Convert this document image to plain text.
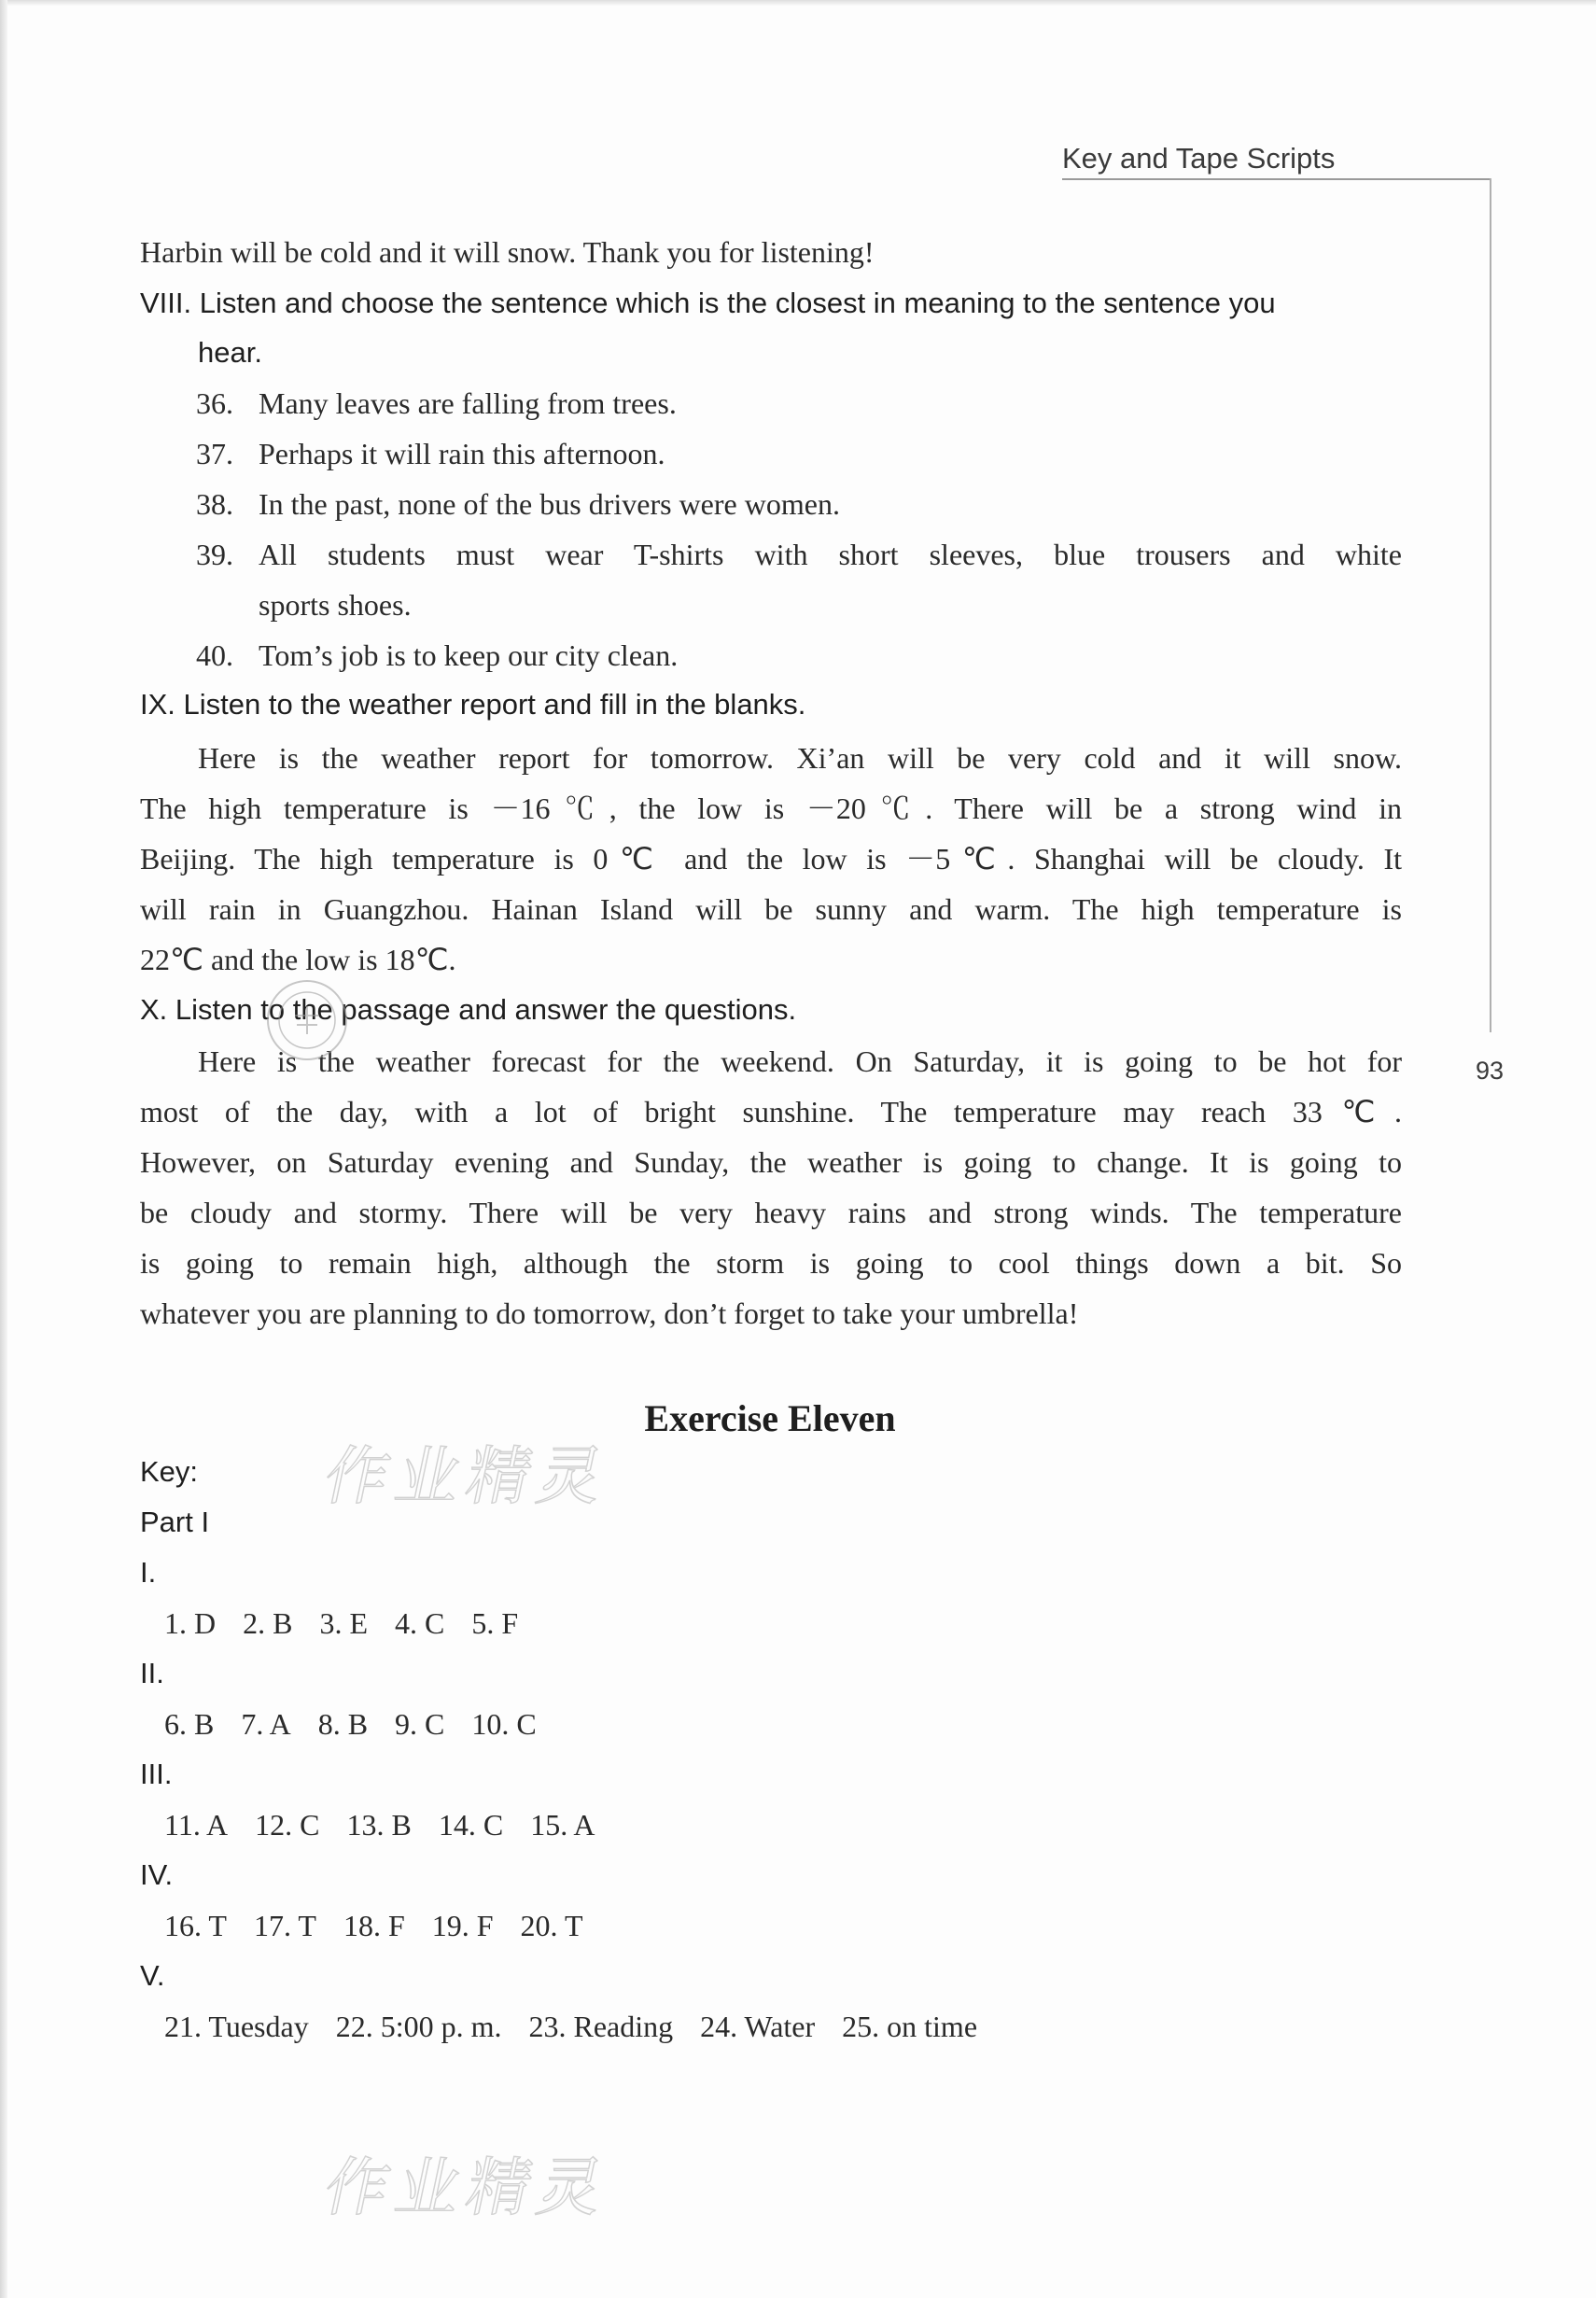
Key and Tape Scripts
93
Harbin will be cold and it will snow. Thank you for listening!
VIII. Listen and choose the sentence which is the closest in meaning to the sentence you
hear.
36. Many leaves are falling from trees.
37. Perhaps it will rain this afternoon.
38. In the past, none of the bus drivers were women.
39. All students must wear T-shirts with short sleeves, blue trousers and white
sports shoes.
40. Tom’s job is to keep our city clean.
IX. Listen to the weather report and fill in the blanks.
Here is the weather report for tomorrow. Xi’an will be very cold and it will snow.
The high temperature is －16℃, the low is －20℃. There will be a strong wind in
Beijing. The high temperature is 0℃ and the low is －5℃. Shanghai will be cloudy. It
will rain in Guangzhou. Hainan Island will be sunny and warm. The high temperature is
22℃ and the low is 18℃.
X. Listen to the passage and answer the questions.
Here is the weather forecast for the weekend. On Saturday, it is going to be hot for
most of the day, with a lot of bright sunshine. The temperature may reach 33℃.
However, on Saturday evening and Sunday, the weather is going to change. It is going to
be cloudy and stormy. There will be very heavy rains and strong winds. The temperature
is going to remain high, although the storm is going to cool things down a bit. So
whatever you are planning to do tomorrow, don’t forget to take your umbrella!
Exercise Eleven
Key:
Part I
I.
1. D 2. B 3. E 4. C 5. F
II.
6. B 7. A 8. B 9. C 10. C
III.
11. A 12. C 13. B 14. C 15. A
IV.
16. T 17. T 18. F 19. F 20. T
V.
21. Tuesday 22. 5:00 p. m. 23. Reading 24. Water 25. on time
作业精灵
作业精灵
